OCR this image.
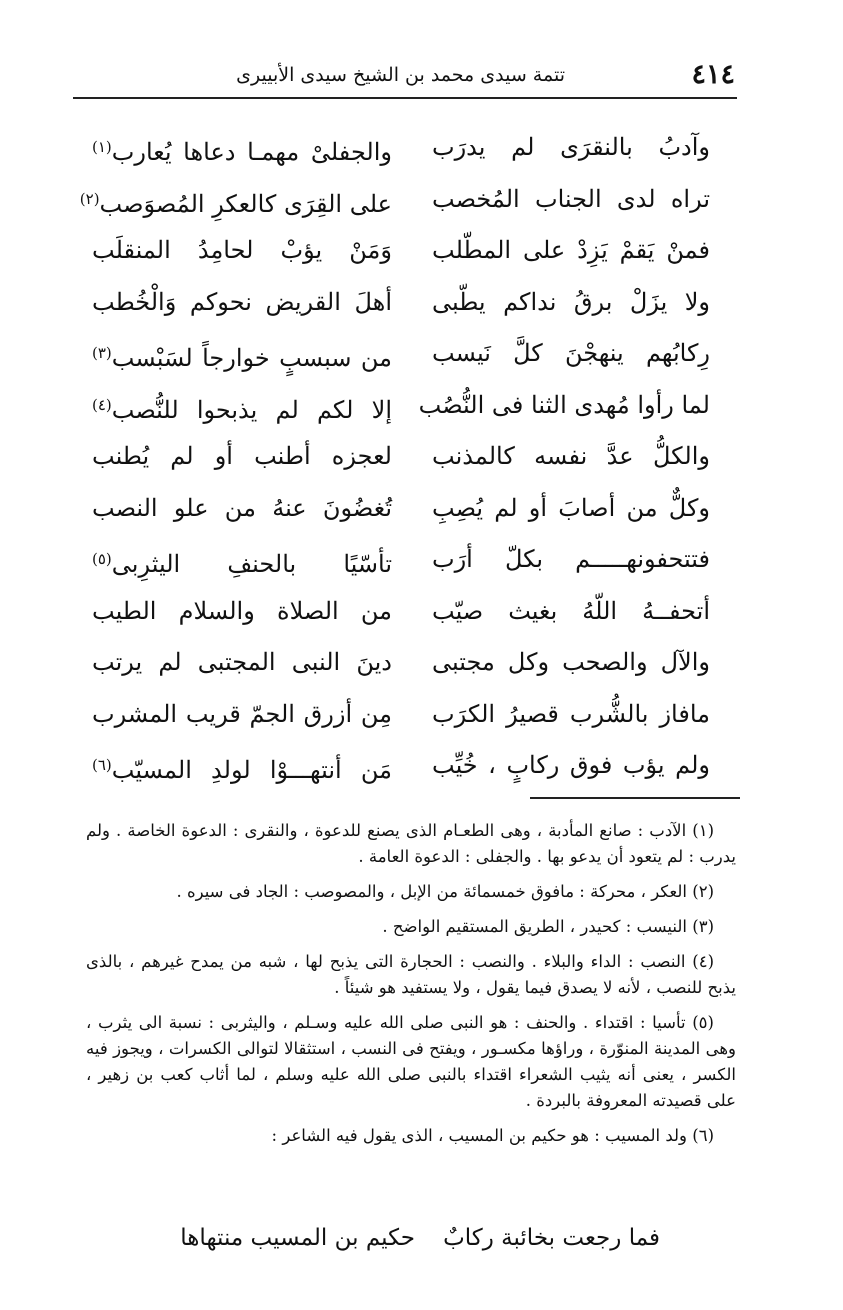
٤١٤
تتمة سيدى محمد بن الشيخ سيدى الأبييرى
وآدبُ بالنقرَى لم يدرَب
والجفلىْ مهمـا دعاها يُعارب$^{(١)}$
تراه لدى الجناب المُخصب
على القِرَى كالعكرِ المُصوَصب$^{(٢)}$
فمنْ يَقمْ يَزِدْ على المطّلب
وَمَنْ يؤبْ لحامِدُ المنقلَب
ولا يزَلْ برقُ نداكم يطّبى
أهلَ القريض نحوكم وَالْخُطب
رِكابُهم ينهجْنَ كلَّ نَيسب
من سبسبٍ خوارجاً لسَبْسب$^{(٣)}$
لما رأوا مُهدى الثنا فى النُّصُب
إلا لكم لم يذبحوا للنُّصب$^{(٤)}$
والكلُّ عدَّ نفسه كالمذنب
لعجزه أطنب أو لم يُطنب
وكلٌّ من أصابَ أو لم يُصِبِ
تُغضُونَ عنهُ من علو النصب
فتتحفونهـــــم بكلّ أرَب
تأسّيًا بالحنفِ اليثرِبى$^{(٥)}$
أتحفــهُ اللّهُ بغيث صيّب
من الصلاة والسلام الطيب
والآل والصحب وكل مجتبى
دينَ النبى المجتبى لم يرتب
مافاز بالشُّرب قصيرُ الكرَب
مِن أزرق الجمّ قريب المشرب
ولم يؤب فوق ركابٍ ، خُيِّب
مَن أنتهـــوْا لولدِ المسيّب$^{(٦)}$

(١) الآدب : صانع المأدبة ، وهى الطعـام الذى يصنع للدعوة ، والنقرى : الدعوة الخاصة . ولم يدرب : لم يتعود أن يدعو بها . والجفلى : الدعوة العامة .

(٢) العكر ، محركة : مافوق خمسمائة من الإبل ، والمصوصب : الجاد فى سيره .

(٣) النيسب : كحيدر ، الطريق المستقيم الواضح .

(٤) النصب : الداء والبلاء . والنصب : الحجارة التى يذبح لها ، شبه من يمدح غيرهم ، بالذى يذبح للنصب ، لأنه لا يصدق فيما يقول ، ولا يستفيد هو شيئاً .

(٥) تأسيا : اقتداء . والحنف : هو النبى صلى الله عليه وسـلم ، واليثربى : نسبة الى يثرب ، وهى المدينة المنوّرة ، وراؤها مكسـور ، ويفتح فى النسب ، استثقالا لتوالى الكسرات ، ويجوز فيه الكسر ، يعنى أنه يثيب الشعراء اقتداء بالنبى صلى الله عليه وسلم ، لما أثاب كعب بن زهير ، على قصيدته المعروفة بالبردة .

(٦) ولد المسيب : هو حكيم بن المسيب ، الذى يقول فيه الشاعر :

فما رجعت بخائبة ركابٌ
حكيم بن المسيب منتهاها
